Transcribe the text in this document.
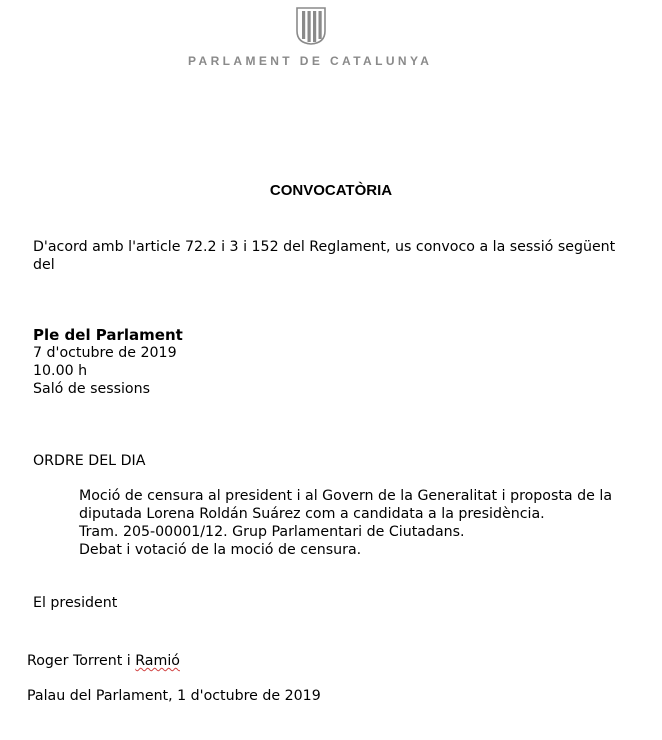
PARLAMENT DE CATALUNYA
CONVOCATÒRIA
D'acord amb l'article 72.2 i 3 i 152 del Reglament, us convoco a la sessió següent
del
Ple del Parlament
7 d'octubre de 2019
10.00 h
Saló de sessions
ORDRE DEL DIA
Moció de censura al president i al Govern de la Generalitat i proposta de la
diputada Lorena Roldán Suárez com a candidata a la presidència.
Tram. 205-00001/12. Grup Parlamentari de Ciutadans.
Debat i votació de la moció de censura.
El president
Roger Torrent i Ramió
Palau del Parlament, 1 d'octubre de 2019
